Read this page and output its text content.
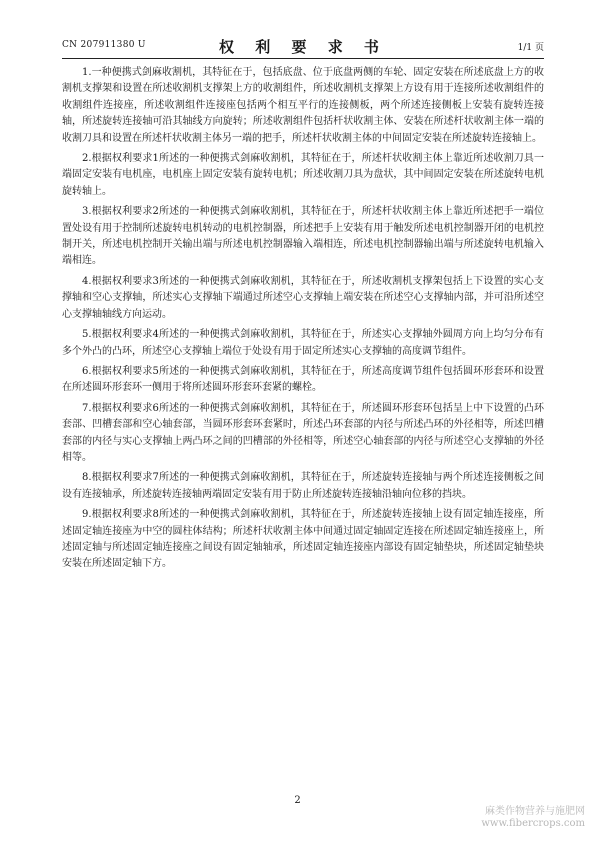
CN 207911380 U	权 利 要 求 书	1/1 页

1.一种便携式剑麻收割机，其特征在于，包括底盘、位于底盘两侧的车轮、固定安装在所述底盘上方的收割机支撑架和设置在所述收割机支撑架上方的收割组件，所述收割机支撑架上方设有用于连接所述收割组件的收割组件连接座，所述收割组件连接座包括两个相互平行的连接侧板，两个所述连接侧板上安装有旋转连接轴，所述旋转连接轴可沿其轴线方向旋转；所述收割组件包括杆状收割主体、安装在所述杆状收割主体一端的收割刀具和设置在所述杆状收割主体另一端的把手，所述杆状收割主体的中间固定安装在所述旋转连接轴上。

2.根据权利要求1所述的一种便携式剑麻收割机，其特征在于，所述杆状收割主体上靠近所述收割刀具一端固定安装有电机座，电机座上固定安装有旋转电机；所述收割刀具为盘状，其中间固定安装在所述旋转电机旋转轴上。

3.根据权利要求2所述的一种便携式剑麻收割机，其特征在于，所述杆状收割主体上靠近所述把手一端位置处设有用于控制所述旋转电机转动的电机控制器，所述把手上安装有用于触发所述电机控制器开闭的电机控制开关，所述电机控制开关输出端与所述电机控制器输入端相连，所述电机控制器输出端与所述旋转电机输入端相连。

4.根据权利要求3所述的一种便携式剑麻收割机，其特征在于，所述收割机支撑架包括上下设置的实心支撑轴和空心支撑轴，所述实心支撑轴下端通过所述空心支撑轴上端安装在所述空心支撑轴内部，并可沿所述空心支撑轴轴线方向运动。

5.根据权利要求4所述的一种便携式剑麻收割机，其特征在于，所述实心支撑轴外圆周方向上均匀分布有多个外凸的凸环，所述空心支撑轴上端位于处设有用于固定所述实心支撑轴的高度调节组件。

6.根据权利要求5所述的一种便携式剑麻收割机，其特征在于，所述高度调节组件包括圆环形套环和设置在所述圆环形套环一侧用于将所述圆环形套环套紧的螺栓。

7.根据权利要求6所述的一种便携式剑麻收割机，其特征在于，所述圆环形套环包括呈上中下设置的凸环套部、凹槽套部和空心轴套部，当圆环形套环套紧时，所述凸环套部的内径与所述凸环的外径相等，所述凹槽套部的内径与实心支撑轴上两凸环之间的凹槽部的外径相等，所述空心轴套部的内径与所述空心支撑轴的外径相等。

8.根据权利要求7所述的一种便携式剑麻收割机，其特征在于，所述旋转连接轴与两个所述连接侧板之间设有连接轴承，所述旋转连接轴两端固定安装有用于防止所述旋转连接轴沿轴向位移的挡块。

9.根据权利要求8所述的一种便携式剑麻收割机，其特征在于，所述旋转连接轴上设有固定轴连接座，所述固定轴连接座为中空的圆柱体结构；所述杆状收割主体中间通过固定轴固定连接在所述固定轴连接座上，所述固定轴与所述固定轴连接座之间设有固定轴轴承，所述固定轴连接座内部设有固定轴垫块，所述固定轴垫块安装在所述固定轴下方。

2
麻类作物营养与施肥网
www.fibercrops.com
